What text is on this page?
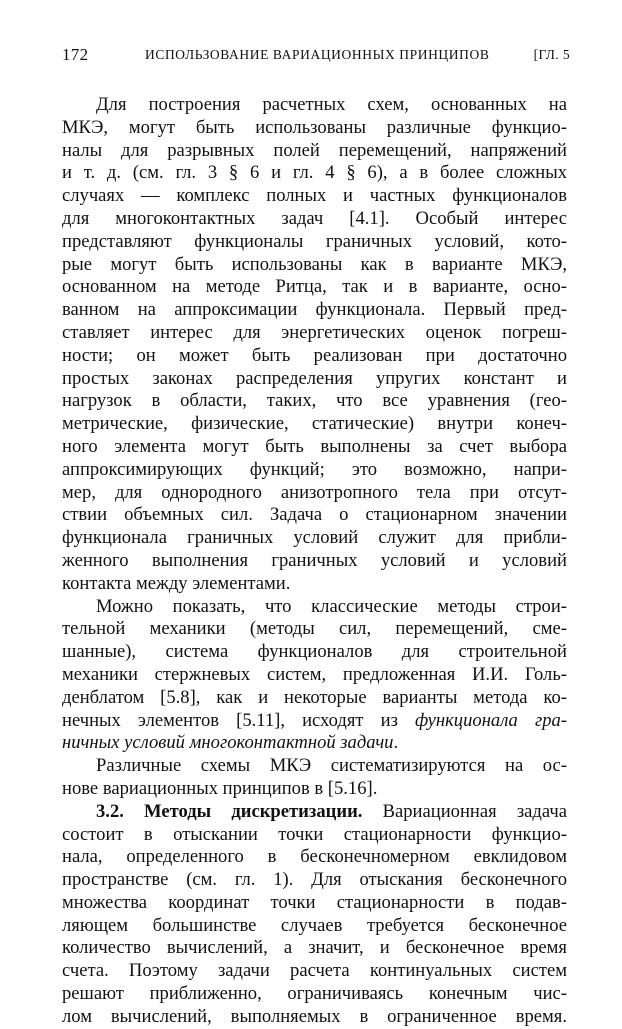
172	ИСПОЛЬЗОВАНИЕ ВАРИАЦИОННЫХ ПРИНЦИПОВ	[ГЛ. 5
Для построения расчетных схем, основанных на
МКЭ, могут быть использованы различные функцио-
налы для разрывных полей перемещений, напряжений
и т. д. (см. гл. 3 § 6 и гл. 4 § 6), а в более сложных
случаях — комплекс полных и частных функционалов
для многоконтактных задач [4.1]. Особый интерес
представляют функционалы граничных условий, кото-
рые могут быть использованы как в варианте МКЭ,
основанном на методе Ритца, так и в варианте, осно-
ванном на аппроксимации функционала. Первый пред-
ставляет интерес для энергетических оценок погреш-
ности; он может быть реализован при достаточно
простых законах распределения упругих констант и
нагрузок в области, таких, что все уравнения (гео-
метрические, физические, статические) внутри конеч-
ного элемента могут быть выполнены за счет выбора
аппроксимирующих функций; это возможно, напри-
мер, для однородного анизотропного тела при отсут-
ствии объемных сил. Задача о стационарном значении
функционала граничных условий служит для прибли-
женного выполнения граничных условий и условий
контакта между элементами.
Можно показать, что классические методы строи-
тельной механики (методы сил, перемещений, сме-
шанные), система функционалов для строительной
механики стержневых систем, предложенная И.И. Голь-
денблатом [5.8], как и некоторые варианты метода ко-
нечных элементов [5.11], исходят из функционала гра-
ничных условий многоконтактной задачи.
Различные схемы МКЭ систематизируются на ос-
нове вариационных принципов в [5.16].
3.2. Методы дискретизации. Вариационная задача
состоит в отыскании точки стационарности функцио-
нала, определенного в бесконечномерном евклидовом
пространстве (см. гл. 1). Для отыскания бесконечного
множества координат точки стационарности в подав-
ляющем большинстве случаев требуется бесконечное
количество вычислений, а значит, и бесконечное время
счета. Поэтому задачи расчета континуальных систем
решают приближенно, ограничиваясь конечным чис-
лом вычислений, выполняемых в ограниченное время.
